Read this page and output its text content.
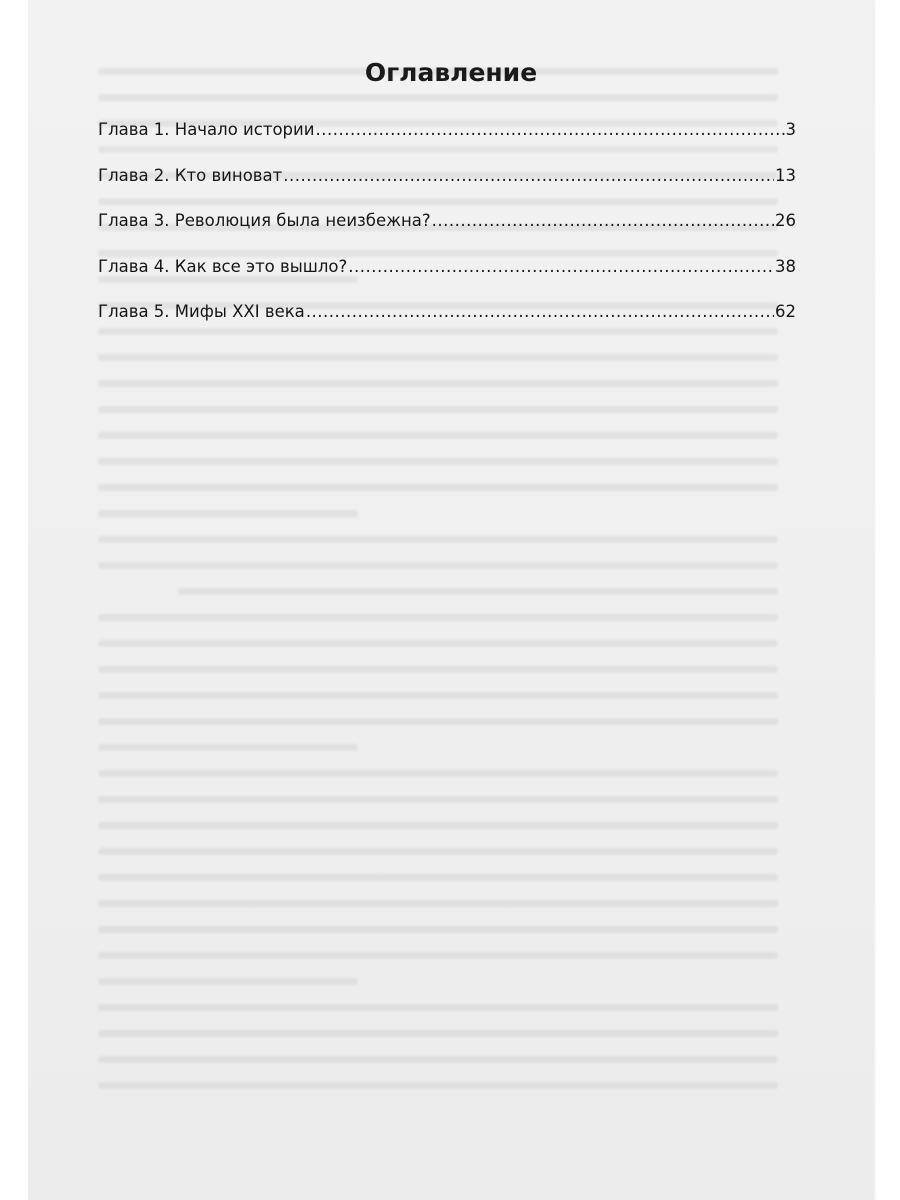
Оглавление
Глава 1. Начало истории .....	3
Глава 2. Кто виноват .....	13
Глава 3. Революция была неизбежна? .....	26
Глава 4. Как все это вышло? .....	38
Глава 5. Мифы XXI века .....	62
